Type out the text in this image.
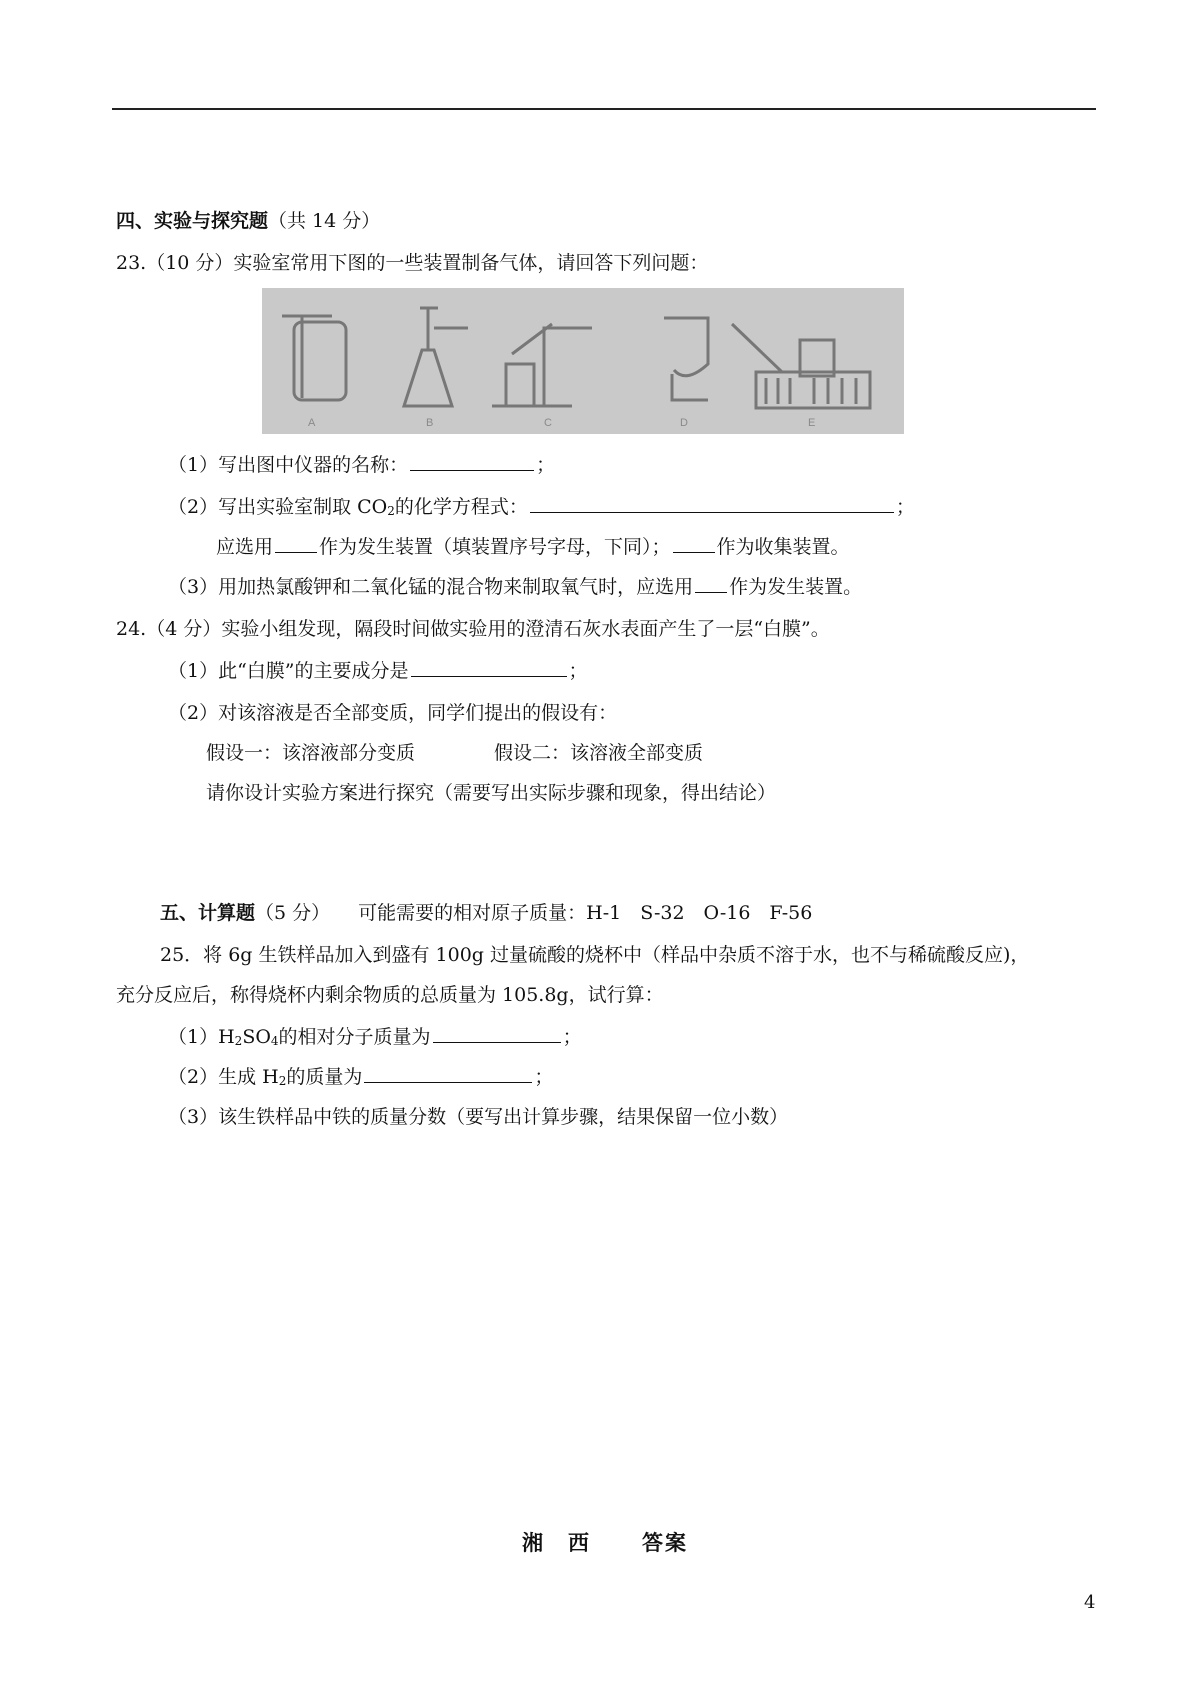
四、实验与探究题（共 14 分）
23.（10 分）实验室常用下图的一些装置制备气体，请回答下列问题：
A	B	C	D	E
（1）写出图中仪器的名称：	；
（2）写出实验室制取 $CO_2$的化学方程式：	；
应选用 作为发生装置（填装置序号字母，下同）； 作为收集装置。
（3）用加热氯酸钾和二氧化锰的混合物来制取氧气时，应选用 作为发生装置。
24.（4 分）实验小组发现，隔段时间做实验用的澄清石灰水表面产生了一层“白膜”。
（1）此“白膜”的主要成分是	；
（2）对该溶液是否全部变质，同学们提出的假设有：
假设一：该溶液部分变质	假设二：该溶液全部变质
请你设计实验方案进行探究（需要写出实际步骤和现象，得出结论）
五、计算题（5 分） 可能需要的相对原子质量：H-1　S-32　O-16　F-56
25．将 6g 生铁样品加入到盛有 100g 过量硫酸的烧杯中（样品中杂质不溶于水，也不与稀硫酸反应)，
充分反应后，称得烧杯内剩余物质的总质量为 105.8g，试行算：
$(1)H_2SO_4$的相对分子质量为	；
（2）生成 $H_2$的质量为	；
（3）该生铁样品中铁的质量分数（要写出计算步骤，结果保留一位小数）
湘　西 答案
4
